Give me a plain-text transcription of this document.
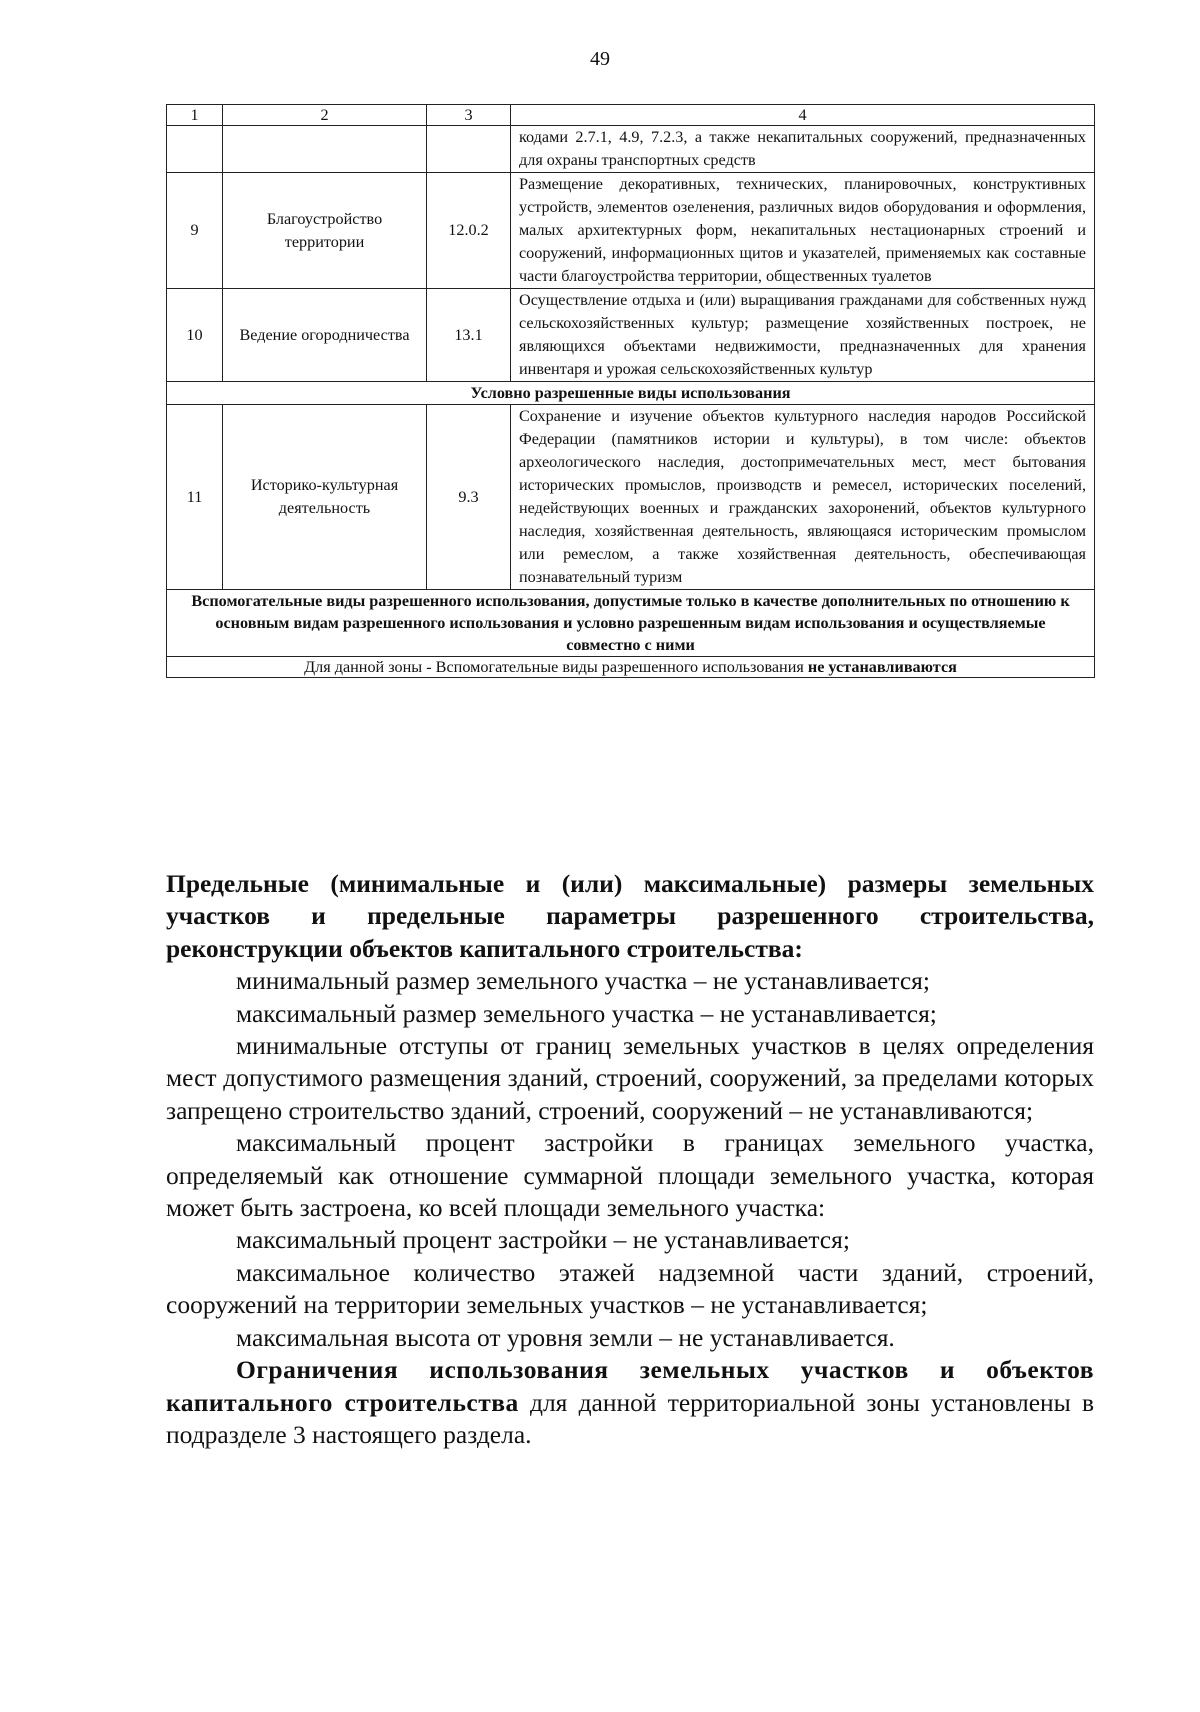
49
1	2	3	4
			кодами 2.7.1, 4.9, 7.2.3, а также некапитальных сооружений, предназначенных для охраны транспортных средств
9	Благоустройство территории	12.0.2	Размещение декоративных, технических, планировочных, конструктивных устройств, элементов озеленения, различных видов оборудования и оформления, малых архитектурных форм, некапитальных нестационарных строений и сооружений, информационных щитов и указателей, применяемых как составные части благоустройства территории, общественных туалетов
10	Ведение огородничества	13.1	Осуществление отдыха и (или) выращивания гражданами для собственных нужд сельскохозяйственных культур; размещение хозяйственных построек, не являющихся объектами недвижимости, предназначенных для хранения инвентаря и урожая сельскохозяйственных культур
Условно разрешенные виды использования			
11	Историко-культурная деятельность	9.3	Сохранение и изучение объектов культурного наследия народов Российской Федерации (памятников истории и культуры), в том числе: объектов археологического наследия, достопримечательных мест, мест бытования исторических промыслов, производств и ремесел, исторических поселений, недействующих военных и гражданских захоронений, объектов культурного наследия, хозяйственная деятельность, являющаяся историческим промыслом или ремеслом, а также хозяйственная деятельность, обеспечивающая познавательный туризм
Вспомогательные виды разрешенного использования, допустимые только в качестве дополнительных по отношению к основным видам разрешенного использования и условно разрешенным видам использования и осуществляемые совместно с ними			
Для данной зоны - Вспомогательные виды разрешенного использования не устанавливаются			

Предельные (минимальные и (или) максимальные) размеры земельных участков и предельные параметры разрешенного строительства, реконструкции объектов капитального строительства:

минимальный размер земельного участка – не устанавливается;

максимальный размер земельного участка – не устанавливается;

минимальные отступы от границ земельных участков в целях определения мест допустимого размещения зданий, строений, сооружений, за пределами которых запрещено строительство зданий, строений, сооружений – не устанавливаются;

максимальный процент застройки в границах земельного участка, определяемый как отношение суммарной площади земельного участка, которая может быть застроена, ко всей площади земельного участка:

максимальный процент застройки – не устанавливается;

максимальное количество этажей надземной части зданий, строений, сооружений на территории земельных участков – не устанавливается;

максимальная высота от уровня земли – не устанавливается.

Ограничения использования земельных участков и объектов капитального строительства для данной территориальной зоны установлены в подразделе 3 настоящего раздела.
